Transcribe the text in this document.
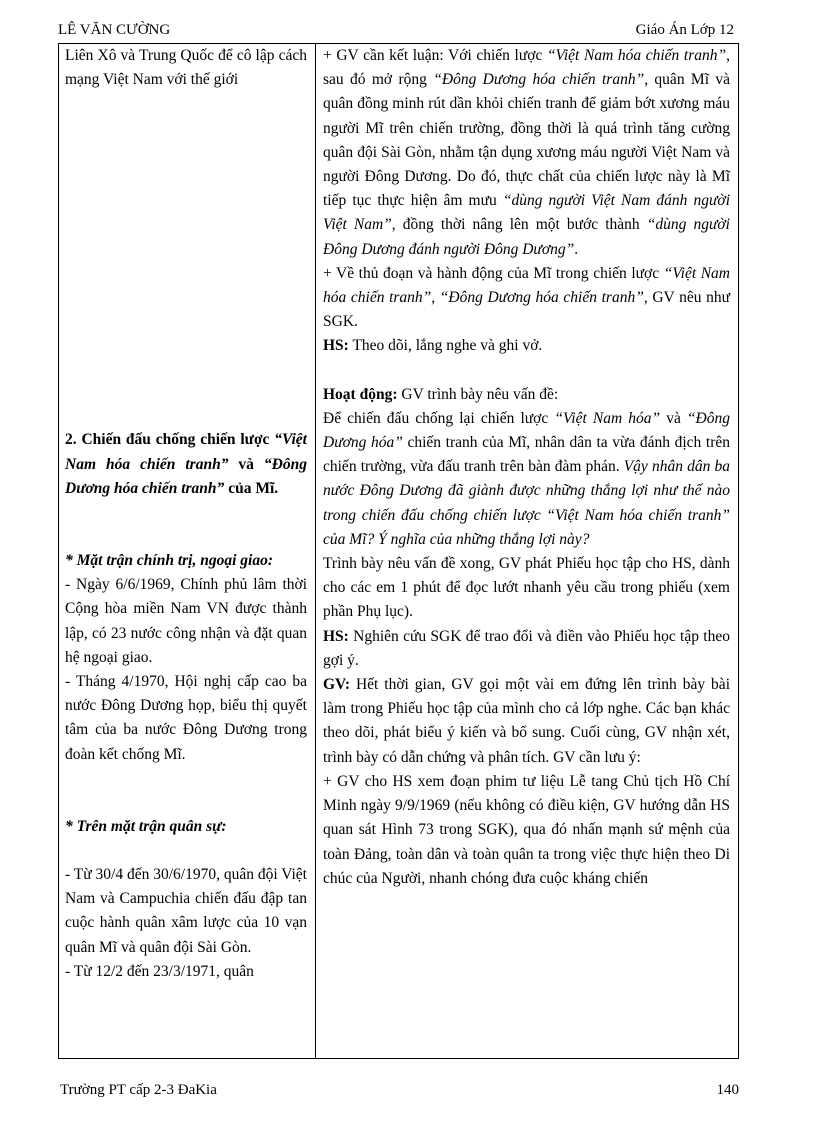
LÊ VĂN CƯỜNG	Giáo Án Lớp 12

Liên Xô và Trung Quốc để cô lập cách mạng Việt Nam với thế giới

2. Chiến đấu chống chiến lược “Việt Nam hóa chiến tranh” và “Đông Dương hóa chiến tranh” của Mĩ.

* Mặt trận chính trị, ngoại giao:

- Ngày 6/6/1969, Chính phủ lâm thời Cộng hòa miền Nam VN được thành lập, có 23 nước công nhận và đặt quan hệ ngoại giao.

- Tháng 4/1970, Hội nghị cấp cao ba nước Đông Dương họp, biểu thị quyết tâm của ba nước Đông Dương trong đoàn kết chống Mĩ.

* Trên mặt trận quân sự:

- Từ 30/4 đến 30/6/1970, quân đội Việt Nam và Campuchia chiến đấu đập tan cuộc hành quân xâm lược của 10 vạn quân Mĩ và quân đội Sài Gòn.

- Từ 12/2 đến 23/3/1971, quân

+ GV cần kết luận: Với chiến lược “Việt Nam hóa chiến tranh”, sau đó mở rộng “Đông Dương hóa chiến tranh”, quân Mĩ và quân đồng minh rút dần khỏi chiến tranh để giảm bớt xương máu người Mĩ trên chiến trường, đồng thời là quá trình tăng cường quân đội Sài Gòn, nhằm tận dụng xương máu người Việt Nam và người Đông Dương. Do đó, thực chất của chiến lược này là Mĩ tiếp tục thực hiện âm mưu “dùng người Việt Nam đánh người Việt Nam”, đồng thời nâng lên một bước thành “dùng người Đông Dương đánh người Đông Dương”.

+ Về thủ đoạn và hành động của Mĩ trong chiến lược “Việt Nam hóa chiến tranh”, “Đông Dương hóa chiến tranh”, GV nêu như SGK.

HS: Theo dõi, lắng nghe và ghi vở.

Hoạt động: GV trình bày nêu vấn đề:

Để chiến đấu chống lại chiến lược “Việt Nam hóa” và “Đông Dương hóa” chiến tranh của Mĩ, nhân dân ta vừa đánh địch trên chiến trường, vừa đấu tranh trên bàn đàm phán. Vậy nhân dân ba nước Đông Dương đã giành được những thắng lợi như thế nào trong chiến đấu chống chiến lược “Việt Nam hóa chiến tranh” của Mĩ? Ý nghĩa của những thắng lợi này?

Trình bày nêu vấn đề xong, GV phát Phiếu học tập cho HS, dành cho các em 1 phút để đọc lướt nhanh yêu cầu trong phiếu (xem phần Phụ lục).

HS: Nghiên cứu SGK để trao đổi và điền vào Phiếu học tập theo gợi ý.

GV: Hết thời gian, GV gọi một vài em đứng lên trình bày bài làm trong Phiếu học tập của mình cho cả lớp nghe. Các bạn khác theo dõi, phát biểu ý kiến và bổ sung. Cuối cùng, GV nhận xét, trình bày có dẫn chứng và phân tích. GV cần lưu ý:

+ GV cho HS xem đoạn phim tư liệu Lễ tang Chủ tịch Hồ Chí Minh ngày 9/9/1969 (nếu không có điều kiện, GV hướng dẫn HS quan sát Hình 73 trong SGK), qua đó nhấn mạnh sứ mệnh của toàn Đảng, toàn dân và toàn quân ta trong việc thực hiện theo Di chúc của Người, nhanh chóng đưa cuộc kháng chiến

Trường PT cấp 2-3 ĐaKia	140
